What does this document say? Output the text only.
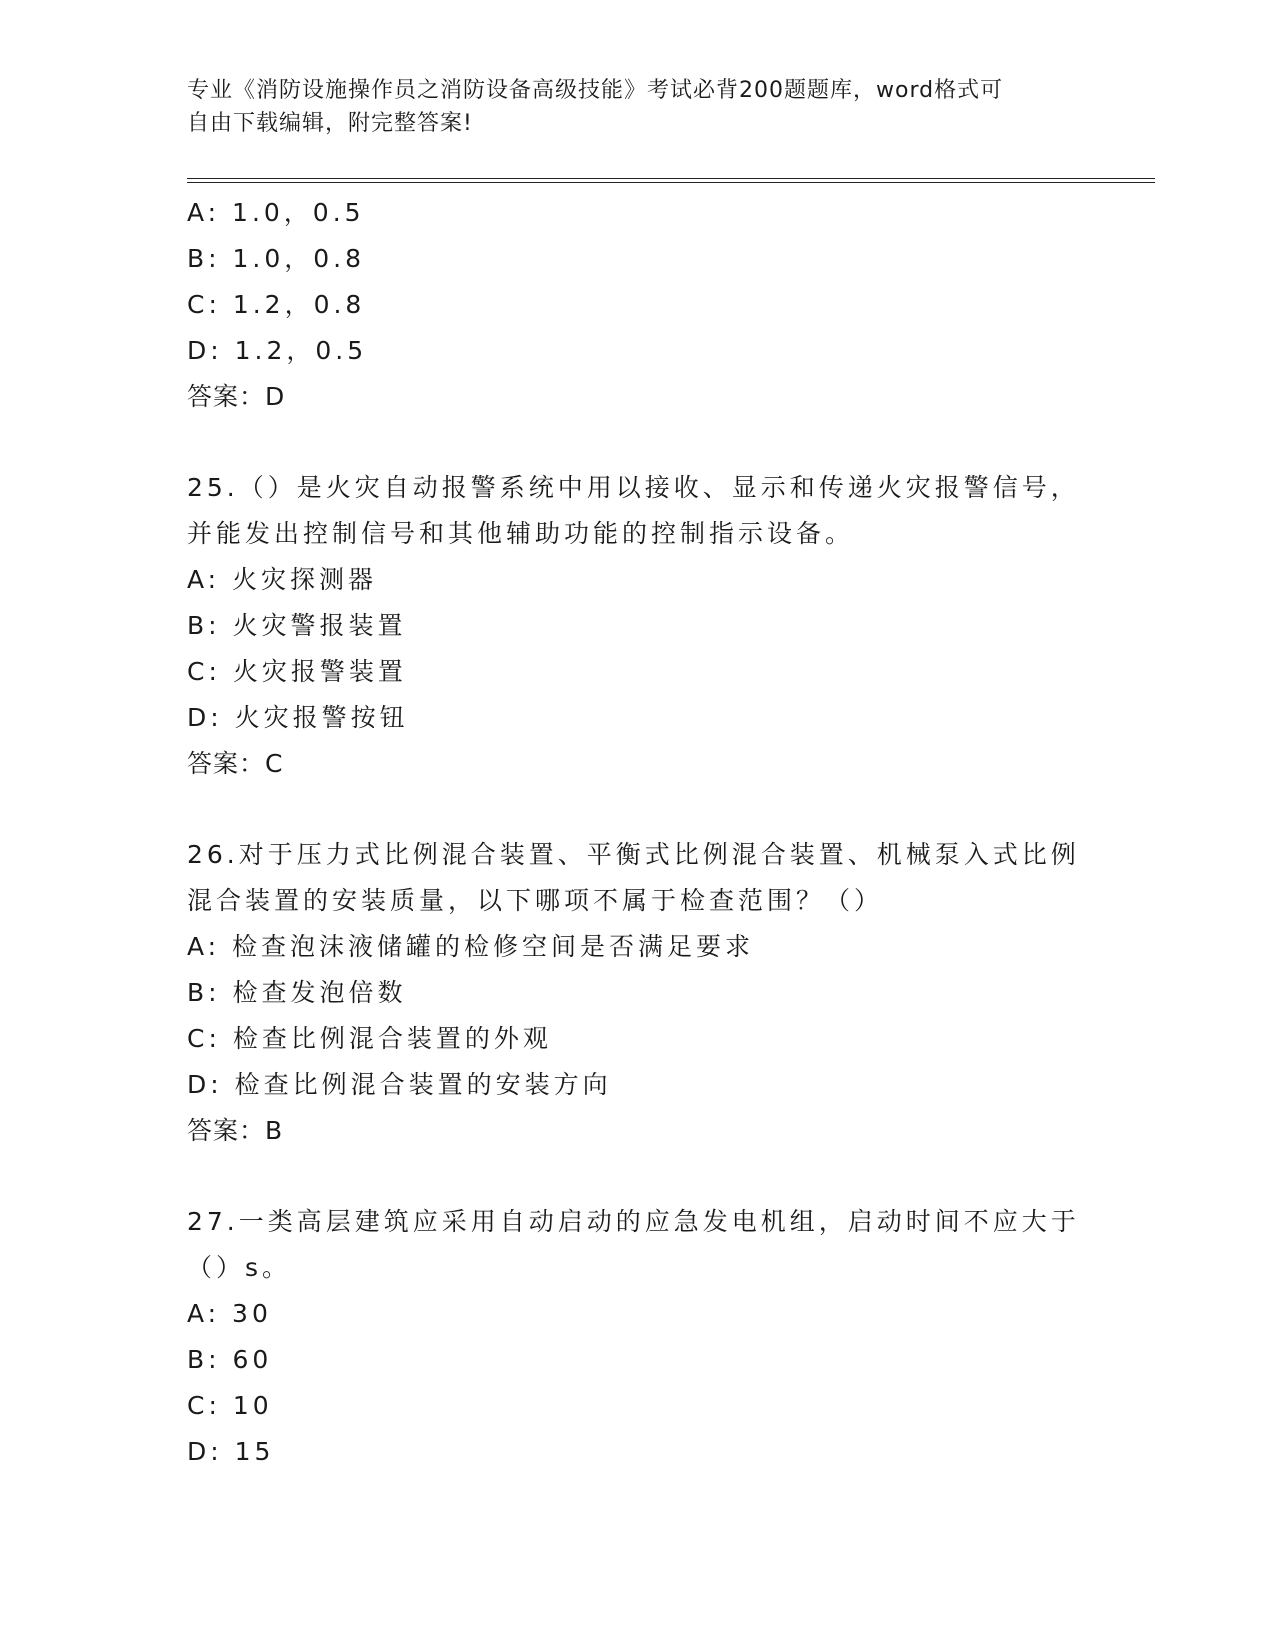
专业《消防设施操作员之消防设备高级技能》考试必背200题题库，word格式可
自由下载编辑，附完整答案!
A: 1.0，0.5
B: 1.0，0.8
C: 1.2，0.8
D: 1.2，0.5
答案：D
25.（）是火灾自动报警系统中用以接收、显示和传递火灾报警信号，
并能发出控制信号和其他辅助功能的控制指示设备。
A: 火灾探测器
B: 火灾警报装置
C: 火灾报警装置
D: 火灾报警按钮
答案：C
26.对于压力式比例混合装置、平衡式比例混合装置、机械泵入式比例
混合装置的安装质量，以下哪项不属于检查范围？（）
A: 检查泡沫液储罐的检修空间是否满足要求
B: 检查发泡倍数
C: 检查比例混合装置的外观
D: 检查比例混合装置的安装方向
答案：B
27.一类高层建筑应采用自动启动的应急发电机组，启动时间不应大于
（）s。
A: 30
B: 60
C: 10
D: 15
